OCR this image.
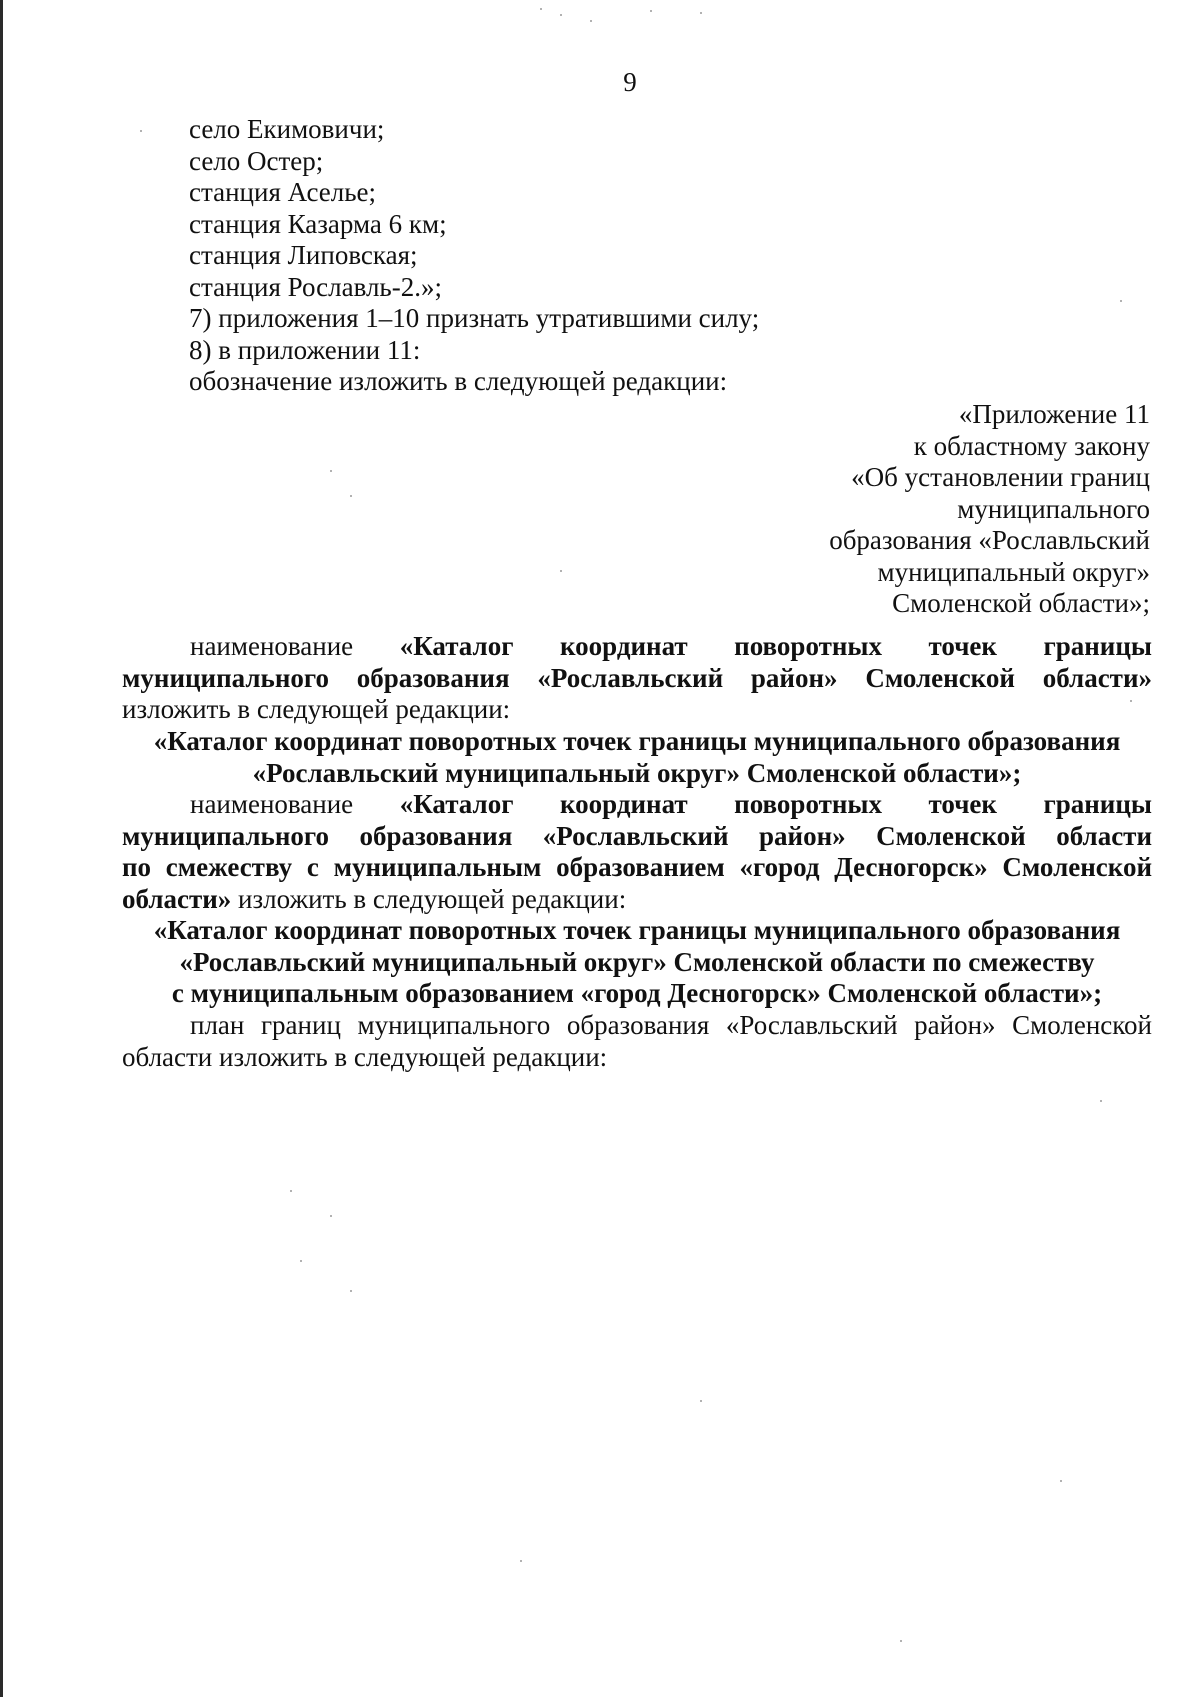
9
село Екимовичи;
село Остер;
станция Аселье;
станция Казарма 6 км;
станция Липовская;
станция Рославль-2.»;
7) приложения 1–10 признать утратившими силу;
8) в приложении 11:
обозначение изложить в следующей редакции:
«Приложение 11
к областному закону
«Об установлении границ
муниципального
образования «Рославльский
муниципальный округ»
Смоленской области»;
наименование «Каталог координат поворотных точек границы
муниципального образования «Рославльский район» Смоленской области»
изложить в следующей редакции:
«Каталог координат поворотных точек границы муниципального образования
«Рославльский муниципальный округ» Смоленской области»;
наименование «Каталог координат поворотных точек границы
муниципального образования «Рославльский район» Смоленской области
по смежеству с муниципальным образованием «город Десногорск» Смоленской
области» изложить в следующей редакции:
«Каталог координат поворотных точек границы муниципального образования
«Рославльский муниципальный округ» Смоленской области по смежеству
с муниципальным образованием «город Десногорск» Смоленской области»;
план границ муниципального образования «Рославльский район» Смоленской
области изложить в следующей редакции:
